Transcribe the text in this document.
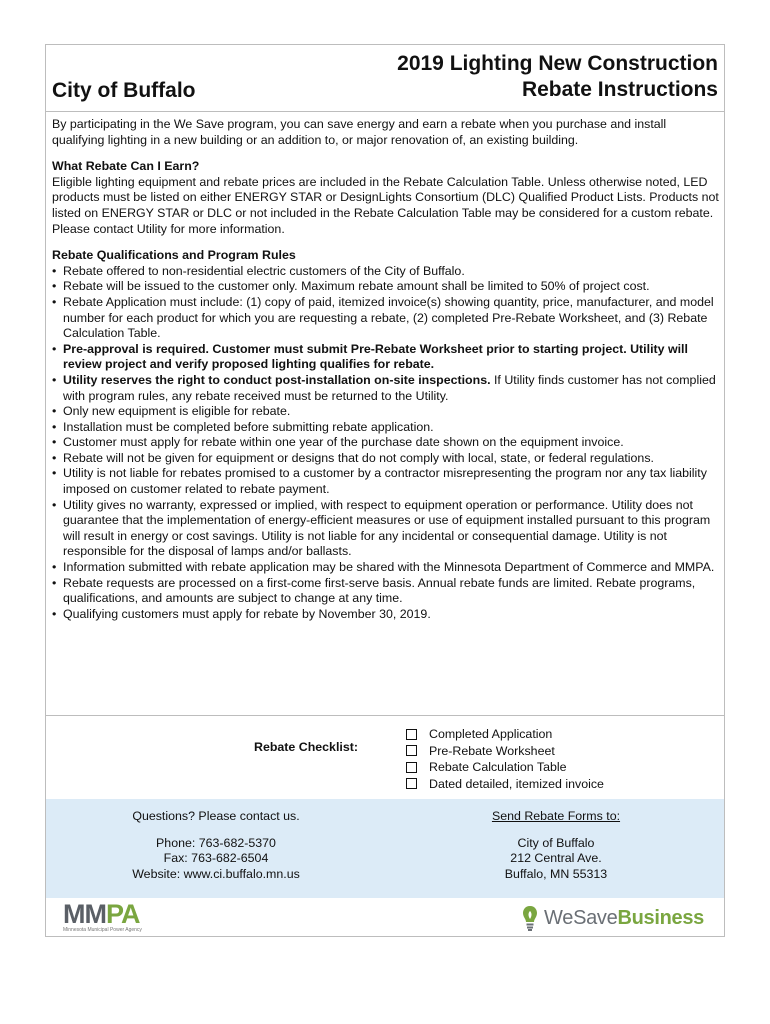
City of Buffalo
2019 Lighting New Construction
Rebate Instructions

By participating in the We Save program, you can save energy and earn a rebate when you purchase and install qualifying lighting in a new building or an addition to, or major renovation of, an existing building.

What Rebate Can I Earn?

Eligible lighting equipment and rebate prices are included in the Rebate Calculation Table. Unless otherwise noted, LED products must be listed on either ENERGY STAR or DesignLights Consortium (DLC) Qualified Product Lists. Products not listed on ENERGY STAR or DLC or not included in the Rebate Calculation Table may be considered for a custom rebate. Please contact Utility for more information.

Rebate Qualifications and Program Rules

• Rebate offered to non-residential electric customers of the City of Buffalo.
• Rebate will be issued to the customer only. Maximum rebate amount shall be limited to 50% of project cost.
• Rebate Application must include: (1) copy of paid, itemized invoice(s) showing quantity, price, manufacturer, and model number for each product for which you are requesting a rebate, (2) completed Pre-Rebate Worksheet, and (3) Rebate Calculation Table.
• Pre-approval is required. Customer must submit Pre-Rebate Worksheet prior to starting project. Utility will review project and verify proposed lighting qualifies for rebate.
• Utility reserves the right to conduct post-installation on-site inspections. If Utility finds customer has not complied with program rules, any rebate received must be returned to the Utility.
• Only new equipment is eligible for rebate.
• Installation must be completed before submitting rebate application.
• Customer must apply for rebate within one year of the purchase date shown on the equipment invoice.
• Rebate will not be given for equipment or designs that do not comply with local, state, or federal regulations.
• Utility is not liable for rebates promised to a customer by a contractor misrepresenting the program nor any tax liability imposed on customer related to rebate payment.
• Utility gives no warranty, expressed or implied, with respect to equipment operation or performance. Utility does not guarantee that the implementation of energy-efficient measures or use of equipment installed pursuant to this program will result in energy or cost savings. Utility is not liable for any incidental or consequential damage. Utility is not responsible for the disposal of lamps and/or ballasts.
• Information submitted with rebate application may be shared with the Minnesota Department of Commerce and MMPA.
• Rebate requests are processed on a first-come first-serve basis. Annual rebate funds are limited. Rebate programs, qualifications, and amounts are subject to change at any time.
• Qualifying customers must apply for rebate by November 30, 2019.
Rebate Checklist:
Completed Application
Pre-Rebate Worksheet
Rebate Calculation Table
Dated detailed, itemized invoice
Questions? Please contact us.
Phone: 763-682-5370
Fax: 763-682-6504
Website: www.ci.buffalo.mn.us
Send Rebate Forms to:
City of Buffalo
212 Central Ave.
Buffalo, MN 55313
MMPA
Minnesota Municipal Power Agency
WeSaveBusiness
